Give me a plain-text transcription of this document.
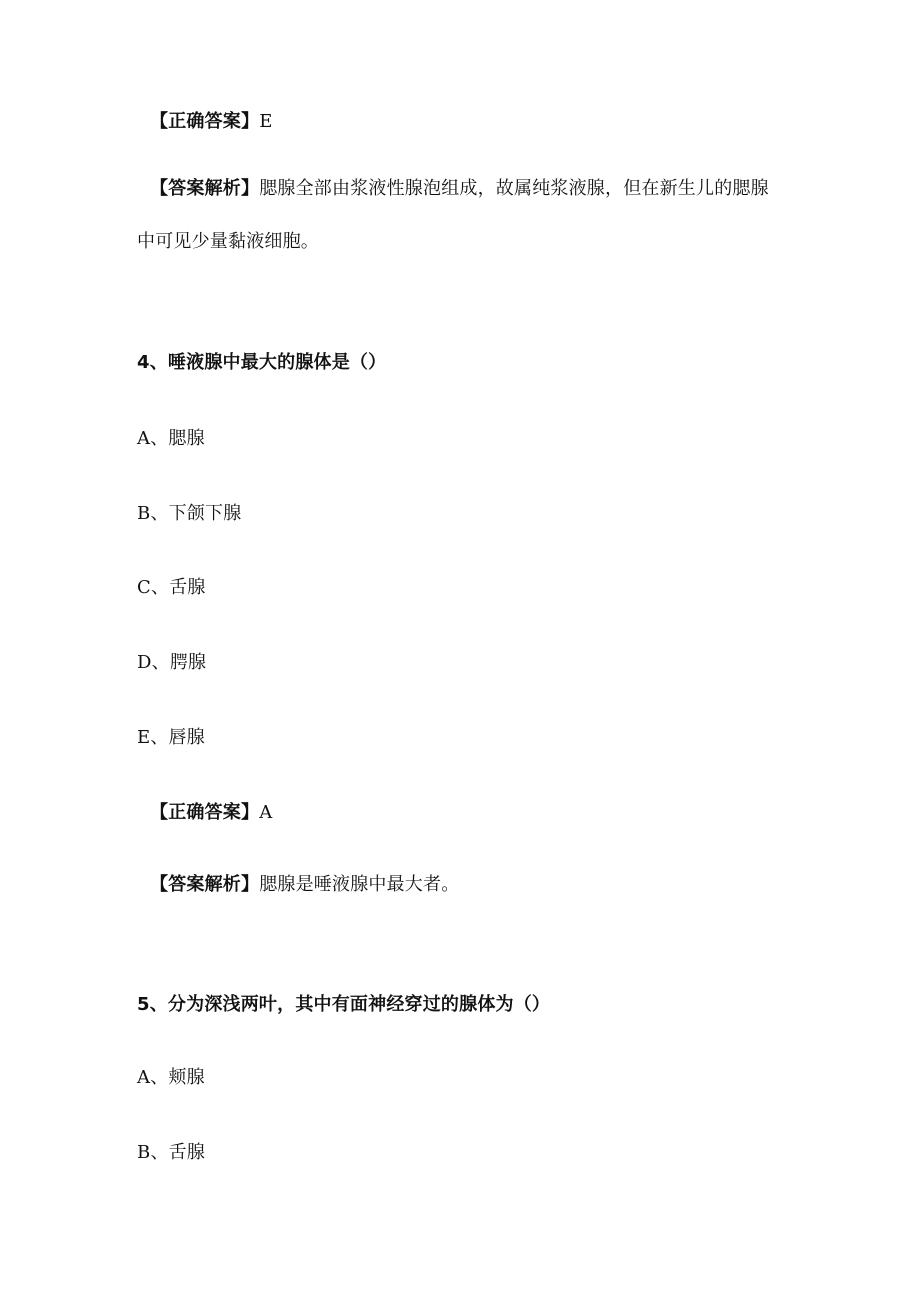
【正确答案】E
【答案解析】腮腺全部由浆液性腺泡组成，故属纯浆液腺，但在新生儿的腮腺
中可见少量黏液细胞。
4、唾液腺中最大的腺体是（）
A、腮腺
B、下颌下腺
C、舌腺
D、腭腺
E、唇腺
【正确答案】A
【答案解析】腮腺是唾液腺中最大者。
5、分为深浅两叶，其中有面神经穿过的腺体为（）
A、颊腺
B、舌腺
